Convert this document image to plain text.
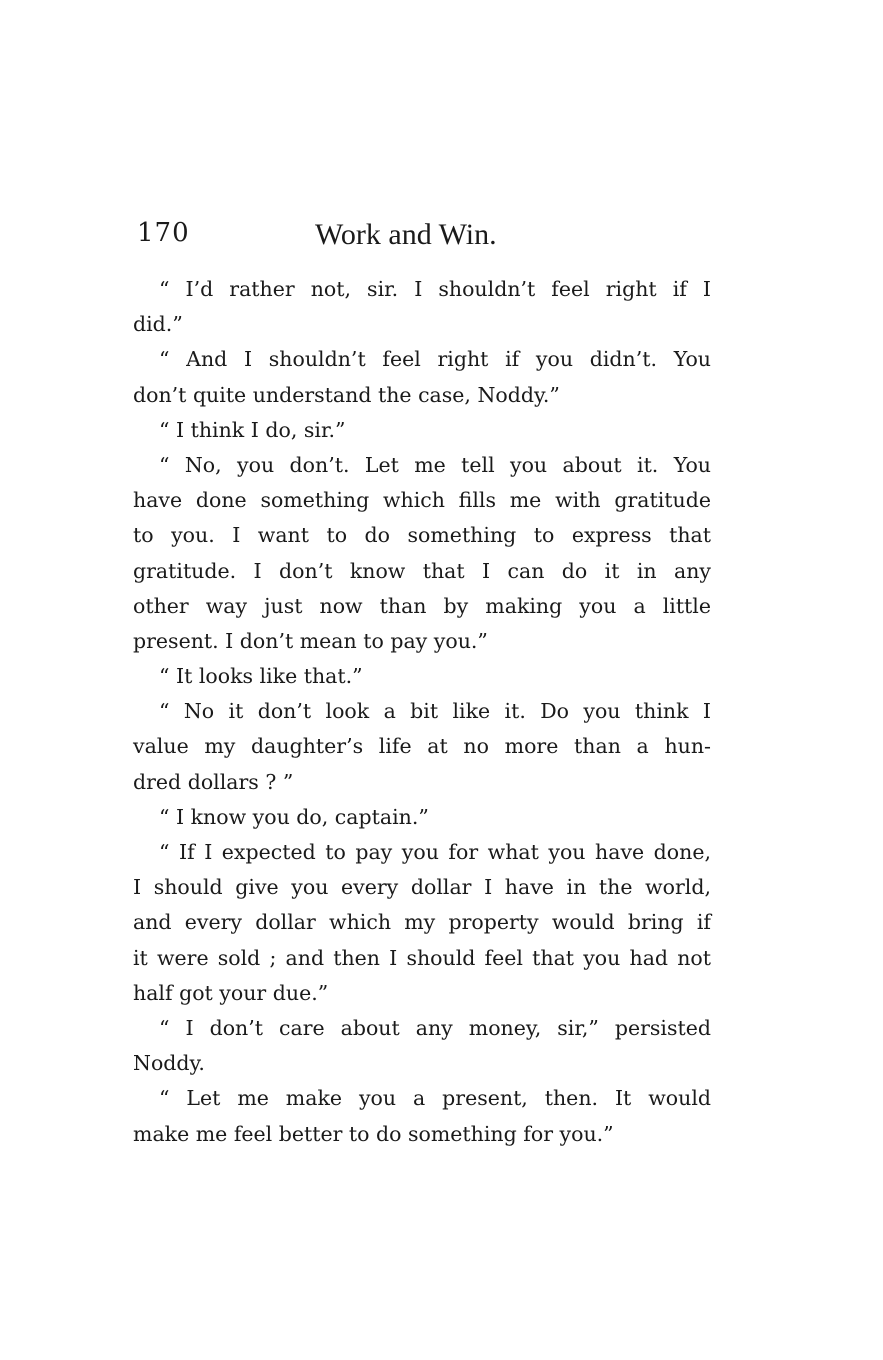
170	Work and Win.
“ I’d rather not, sir. I shouldn’t feel right if I
did.”
“ And I shouldn’t feel right if you didn’t. You
don’t quite understand the case, Noddy.”
“ I think I do, sir.”
“ No, you don’t. Let me tell you about it. You
have done something which fills me with gratitude
to you. I want to do something to express that
gratitude. I don’t know that I can do it in any
other way just now than by making you a little
present. I don’t mean to pay you.”
“ It looks like that.”
“ No it don’t look a bit like it. Do you think I
value my daughter’s life at no more than a hun-
dred dollars ? ”
“ I know you do, captain.”
“ If I expected to pay you for what you have done,
I should give you every dollar I have in the world,
and every dollar which my property would bring if
it were sold ; and then I should feel that you had not
half got your due.”
“ I don’t care about any money, sir,” persisted
Noddy.
“ Let me make you a present, then. It would
make me feel better to do something for you.”
